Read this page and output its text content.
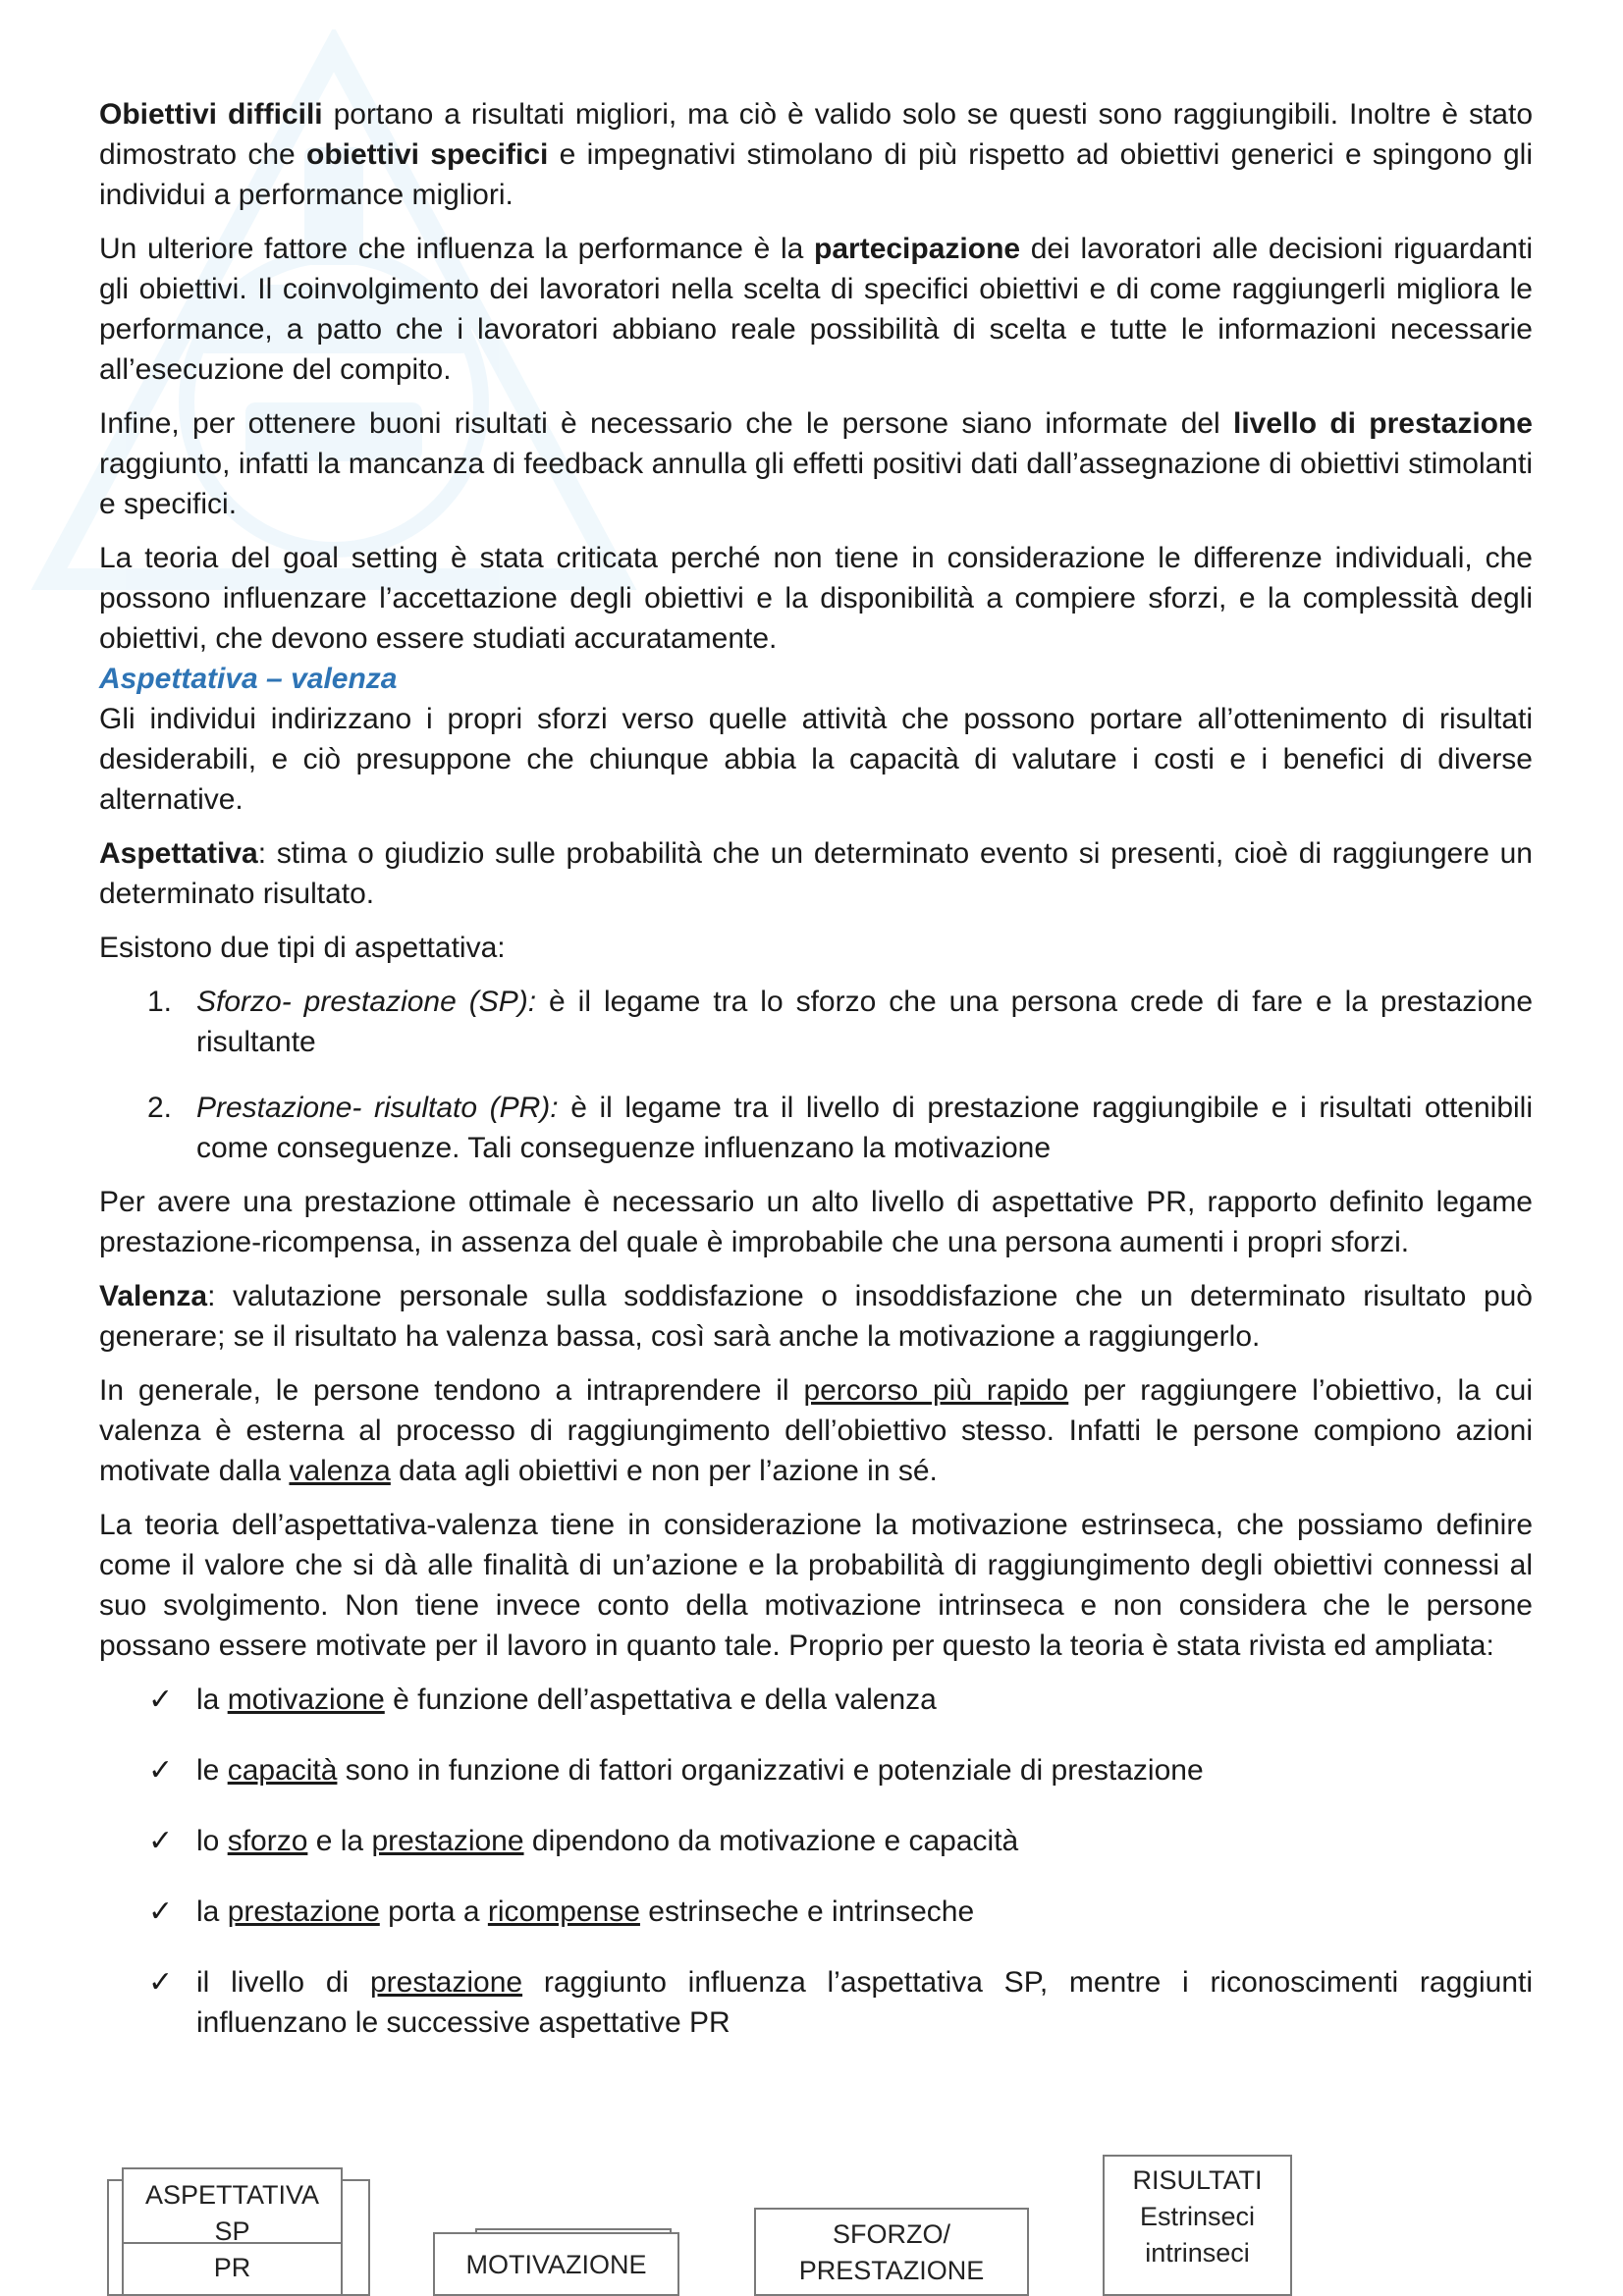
Obiettivi difficili portano a risultati migliori, ma ciò è valido solo se questi sono raggiungibili. Inoltre è stato dimostrato che obiettivi specifici e impegnativi stimolano di più rispetto ad obiettivi generici e spingono gli individui a performance migliori.

Un ulteriore fattore che influenza la performance è la partecipazione dei lavoratori alle decisioni riguardanti gli obiettivi. Il coinvolgimento dei lavoratori nella scelta di specifici obiettivi e di come raggiungerli migliora le performance, a patto che i lavoratori abbiano reale possibilità di scelta e tutte le informazioni necessarie all’esecuzione del compito.

Infine, per ottenere buoni risultati è necessario che le persone siano informate del livello di prestazione raggiunto, infatti la mancanza di feedback annulla gli effetti positivi dati dall’assegnazione di obiettivi stimolanti e specifici.

La teoria del goal setting è stata criticata perché non tiene in considerazione le differenze individuali, che possono influenzare l’accettazione degli obiettivi e la disponibilità a compiere sforzi, e la complessità degli obiettivi, che devono essere studiati accuratamente.

Aspettativa – valenza

Gli individui indirizzano i propri sforzi verso quelle attività che possono portare all’ottenimento di risultati desiderabili, e ciò presuppone che chiunque abbia la capacità di valutare i costi e i benefici di diverse alternative.

Aspettativa: stima o giudizio sulle probabilità che un determinato evento si presenti, cioè di raggiungere un determinato risultato.

Esistono due tipi di aspettativa:

1. Sforzo- prestazione (SP): è il legame tra lo sforzo che una persona crede di fare e la prestazione risultante
2. Prestazione- risultato (PR): è il legame tra il livello di prestazione raggiungibile e i risultati ottenibili come conseguenze. Tali conseguenze influenzano la motivazione

Per avere una prestazione ottimale è necessario un alto livello di aspettative PR, rapporto definito legame prestazione-ricompensa, in assenza del quale è improbabile che una persona aumenti i propri sforzi.

Valenza: valutazione personale sulla soddisfazione o insoddisfazione che un determinato risultato può generare; se il risultato ha valenza bassa, così sarà anche la motivazione a raggiungerlo.

In generale, le persone tendono a intraprendere il percorso più rapido per raggiungere l’obiettivo, la cui valenza è esterna al processo di raggiungimento dell’obiettivo stesso. Infatti le persone compiono azioni motivate dalla valenza data agli obiettivi e non per l’azione in sé.

La teoria dell’aspettativa-valenza tiene in considerazione la motivazione estrinseca, che possiamo definire come il valore che si dà alle finalità di un’azione e la probabilità di raggiungimento degli obiettivi connessi al suo svolgimento. Non tiene invece conto della motivazione intrinseca e non considera che le persone possano essere motivate per il lavoro in quanto tale. Proprio per questo la teoria è stata rivista ed ampliata:

✓ la motivazione è funzione dell’aspettativa e della valenza
✓ le capacità sono in funzione di fattori organizzativi e potenziale di prestazione
✓ lo sforzo e la prestazione dipendono da motivazione e capacità
✓ la prestazione porta a ricompense estrinseche e intrinseche
✓ il livello di prestazione raggiunto influenza l’aspettativa SP, mentre i riconoscimenti raggiunti influenzano le successive aspettative PR
ASPETTATIVA
SP
PR	MOTIVAZIONE
SFORZO/
PRESTAZIONE
RISULTATI
Estrinseci
intrinseci
